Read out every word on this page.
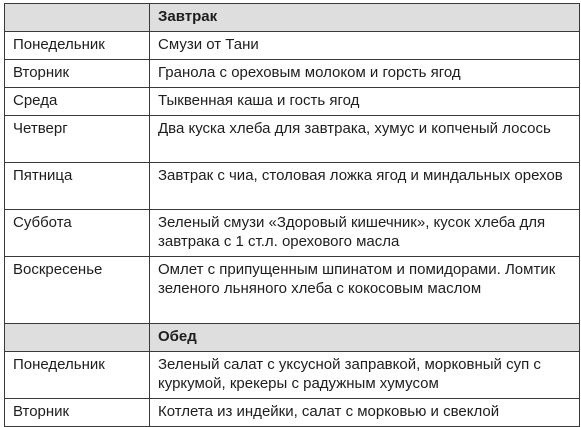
	Завтрак
Понедельник	Смузи от Тани
Вторник	Гранола с ореховым молоком и горсть ягод
Среда	Тыквенная каша и гость ягод
Четверг	Два куска хлеба для завтрака, хумус и копченый лосось
Пятница	Завтрак с чиа, столовая ложка ягод и миндальных орехов
Суббота	Зеленый смузи «Здоровый кишечник», кусок хлеба для завтрака с 1 ст.л. орехового масла
Воскресенье	Омлет с припущенным шпинатом и помидорами. Ломтик зеленого льняного хлеба с кокосовым маслом
	Обед
Понедельник	Зеленый салат с уксусной заправкой, морковный суп с куркумой, крекеры с радужным хумусом
Вторник	Котлета из индейки, салат с морковью и свеклой
